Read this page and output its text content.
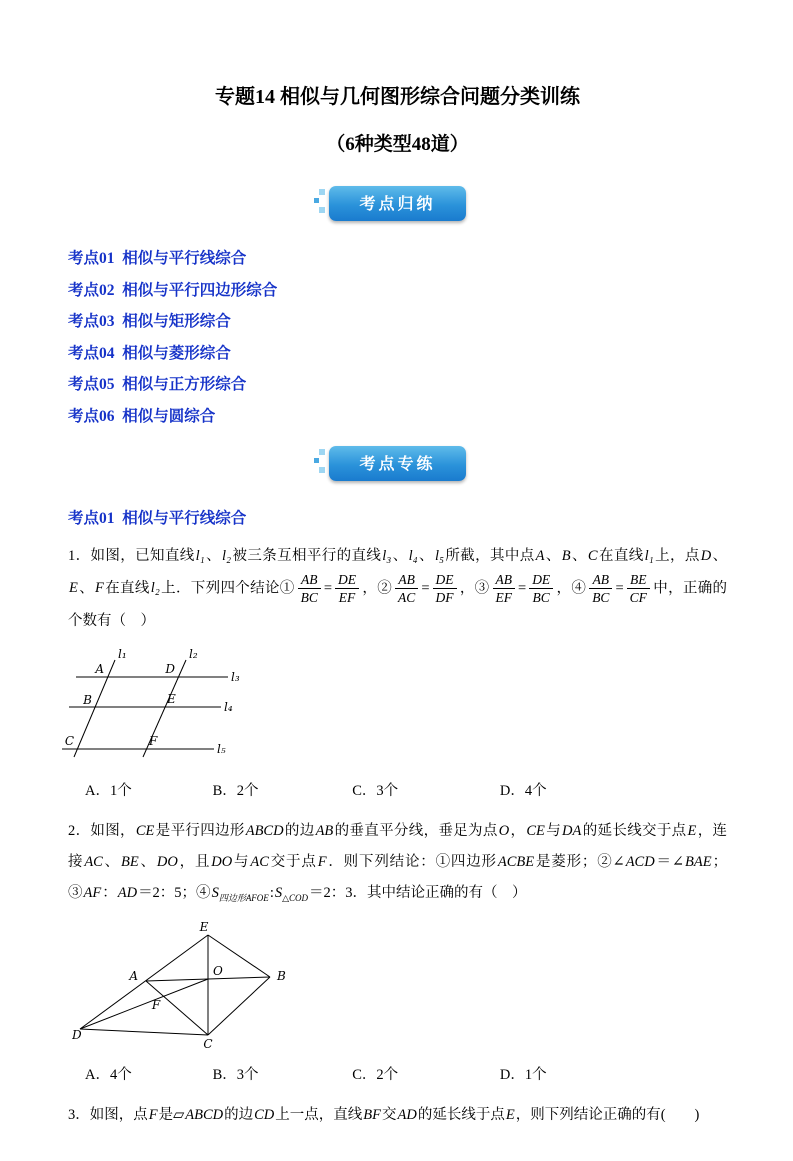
专题14 相似与几何图形综合问题分类训练
（6种类型48道）
考点归纳
考点01  相似与平行线综合
考点02  相似与平行四边形综合
考点03  相似与矩形综合
考点04  相似与菱形综合
考点05  相似与正方形综合
考点06  相似与圆综合
考点专练
考点01  相似与平行线综合

1．如图，已知直线l₁、l₂被三条互相平行的直线l₃、l₄、l₅所截，其中点A、B、C在直线l₁上，点D、E、F在直线l₂上．下列四个结论① $\frac{AB}{BC} = \frac{DE}{EF}$ ，② $\frac{AB}{AC} = \frac{DE}{DF}$ ，③ $\frac{AB}{EF} = \frac{DE}{BC}$ ，④ $\frac{AB}{BC} = \frac{BE}{CF}$ 中，正确的个数有（　）

l₁	l₂
l₃
l₄
l₅
A	D
B	E
C	F
A．1个	B．2个	C．3个	D．4个

2．如图，CE是平行四边形ABCD的边AB的垂直平分线，垂足为点O，CE与DA的延长线交于点E，连接AC、BE、DO，且DO与AC交于点F．则下列结论：①四边形ACBE是菱形；②∠ACD＝∠BAE；③AF：AD＝2：5；$④S_{四边形AFOE}:S_{\triangle COD}=2$：3．其中结论正确的有（　）

E
A	O	B
D
F
C
A．4个	B．3个	C．2个	D．1个

3．如图，点F是▱ABCD的边CD上一点，直线BF交AD的延长线于点E，则下列结论正确的有(　　)
